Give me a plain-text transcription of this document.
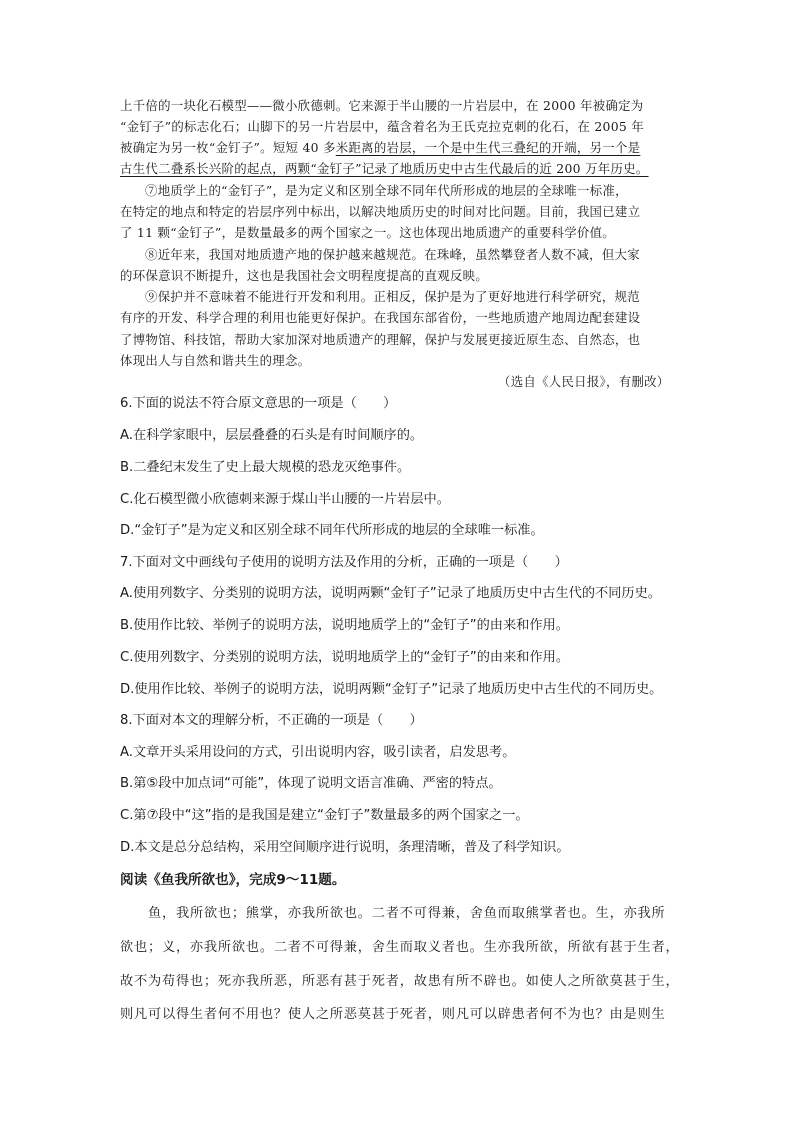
上千倍的一块化石模型——微小欣德刺。它来源于半山腰的一片岩层中，在 2000 年被确定为
“金钉子”的标志化石；山脚下的另一片岩层中，蕴含着名为王氏克拉克刺的化石，在 2005 年
被确定为另一枚“金钉子”。短短 40 多米距离的岩层，一个是中生代三叠纪的开端，另一个是
古生代二叠系长兴阶的起点，两颗“金钉子”记录了地质历史中古生代最后的近 200 万年历史。
⑦地质学上的“金钉子”，是为定义和区别全球不同年代所形成的地层的全球唯一标准，
在特定的地点和特定的岩层序列中标出，以解决地质历史的时间对比问题。目前，我国已建立
了 11 颗“金钉子”，是数量最多的两个国家之一。这也体现出地质遗产的重要科学价值。
⑧近年来，我国对地质遗产地的保护越来越规范。在珠峰，虽然攀登者人数不减，但大家
的环保意识不断提升，这也是我国社会文明程度提高的直观反映。
⑨保护并不意味着不能进行开发和利用。正相反，保护是为了更好地进行科学研究，规范
有序的开发、科学合理的利用也能更好保护。在我国东部省份，一些地质遗产地周边配套建设
了博物馆、科技馆，帮助大家加深对地质遗产的理解，保护与发展更接近原生态、自然态，也
体现出人与自然和谐共生的理念。
（选自《人民日报》，有删改）
6.下面的说法不符合原文意思的一项是（　　）
A.在科学家眼中，层层叠叠的石头是有时间顺序的。
B.二叠纪末发生了史上最大规模的恐龙灭绝事件。
C.化石模型微小欣德刺来源于煤山半山腰的一片岩层中。
D.“金钉子”是为定义和区别全球不同年代所形成的地层的全球唯一标准。
7.下面对文中画线句子使用的说明方法及作用的分析，正确的一项是（　　）
A.使用列数字、分类别的说明方法，说明两颗“金钉子”记录了地质历史中古生代的不同历史。
B.使用作比较、举例子的说明方法，说明地质学上的“金钉子”的由来和作用。
C.使用列数字、分类别的说明方法，说明地质学上的“金钉子”的由来和作用。
D.使用作比较、举例子的说明方法，说明两颗“金钉子”记录了地质历史中古生代的不同历史。
8.下面对本文的理解分析，不正确的一项是（　　）
A.文章开头采用设问的方式，引出说明内容，吸引读者，启发思考。
B.第⑤段中加点词“可能”，体现了说明文语言准确、严密的特点。
C.第⑦段中“这”指的是我国是建立“金钉子”数量最多的两个国家之一。
D.本文是总分总结构，采用空间顺序进行说明，条理清晰，普及了科学知识。
阅读《鱼我所欲也》，完成9～11题。
鱼，我所欲也；熊掌，亦我所欲也。二者不可得兼，舍鱼而取熊掌者也。生，亦我所
欲也；义，亦我所欲也。二者不可得兼，舍生而取义者也。生亦我所欲，所欲有甚于生者，
故不为苟得也；死亦我所恶，所恶有甚于死者，故患有所不辟也。如使人之所欲莫甚于生，
则凡可以得生者何不用也？使人之所恶莫甚于死者，则凡可以辟患者何不为也？由是则生
